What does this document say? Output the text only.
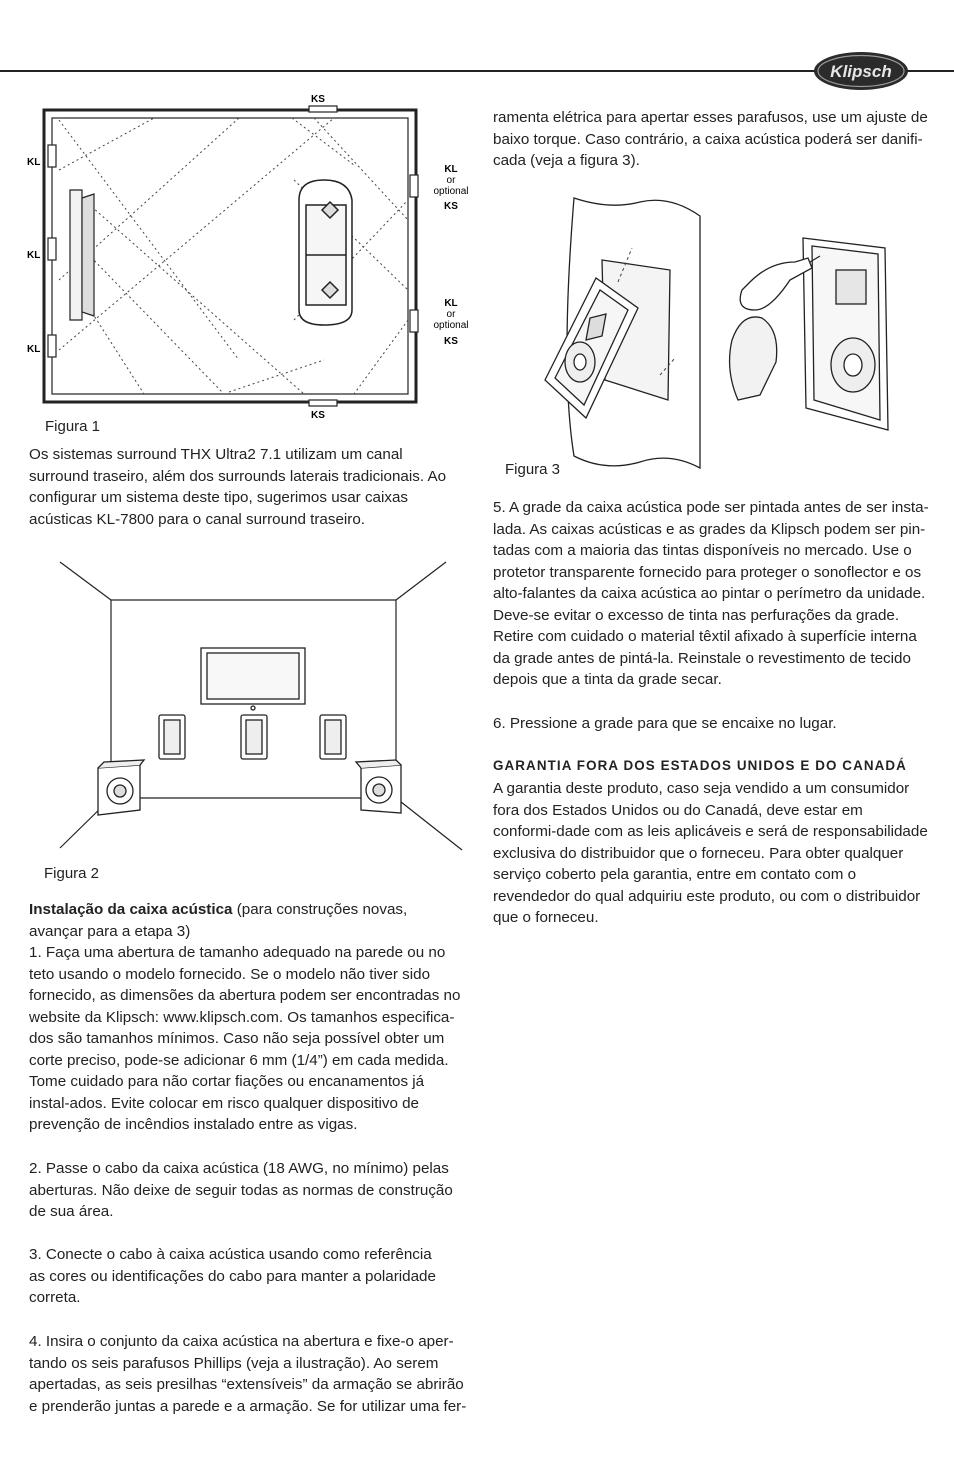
Klipsch
KS
KS
KL
KL
KL
KL
or
optional
KS
KL
or
optional
KS
Figura 1

Os sistemas surround THX Ultra2 7.1 utilizam um canal surround traseiro, além dos surrounds laterais tradicionais. Ao configurar um sistema deste tipo, sugerimos usar caixas acústicas KL-7800 para o canal surround traseiro.

Figura 2

Instalação da caixa acústica (para construções novas, avançar para a etapa 3)

1. Faça uma abertura de tamanho adequado na parede ou no teto usando o modelo fornecido. Se o modelo não tiver sido fornecido, as dimensões da abertura podem ser encontradas no website da Klipsch: www.klipsch.com. Os tamanhos especifica-dos são tamanhos mínimos. Caso não seja possível obter um corte preciso, pode-se adicionar 6 mm (1/4”) em cada medida. Tome cuidado para não cortar fiações ou encanamentos já instal-ados. Evite colocar em risco qualquer dispositivo de prevenção de incêndios instalado entre as vigas.

2. Passe o cabo da caixa acústica (18 AWG, no mínimo) pelas aberturas. Não deixe de seguir todas as normas de construção de sua área.

3. Conecte o cabo à caixa acústica usando como referência as cores ou identificações do cabo para manter a polaridade correta.

4. Insira o conjunto da caixa acústica na abertura e fixe-o aper-tando os seis parafusos Phillips (veja a ilustração). Ao serem apertadas, as seis presilhas “extensíveis” da armação se abrirão e prenderão juntas a parede e a armação. Se for utilizar uma fer-

ramenta elétrica para apertar esses parafusos, use um ajuste de baixo torque. Caso contrário, a caixa acústica poderá ser danifi-cada (veja a figura 3).

Figura 3

5. A grade da caixa acústica pode ser pintada antes de ser insta-lada. As caixas acústicas e as grades da Klipsch podem ser pin-tadas com a maioria das tintas disponíveis no mercado. Use o protetor transparente fornecido para proteger o sonoflector e os alto-falantes da caixa acústica ao pintar o perímetro da unidade. Deve-se evitar o excesso de tinta nas perfurações da grade. Retire com cuidado o material têxtil afixado à superfície interna da grade antes de pintá-la. Reinstale o revestimento de tecido depois que a tinta da grade secar.

6. Pressione a grade para que se encaixe no lugar.

GARANTIA FORA DOS ESTADOS UNIDOS E DO CANADÁ

A garantia deste produto, caso seja vendido a um consumidor fora dos Estados Unidos ou do Canadá, deve estar em conformi-dade com as leis aplicáveis e será de responsabilidade exclusiva do distribuidor que o forneceu. Para obter qualquer serviço coberto pela garantia, entre em contato com o revendedor do qual adquiriu este produto, ou com o distribuidor que o forneceu.
